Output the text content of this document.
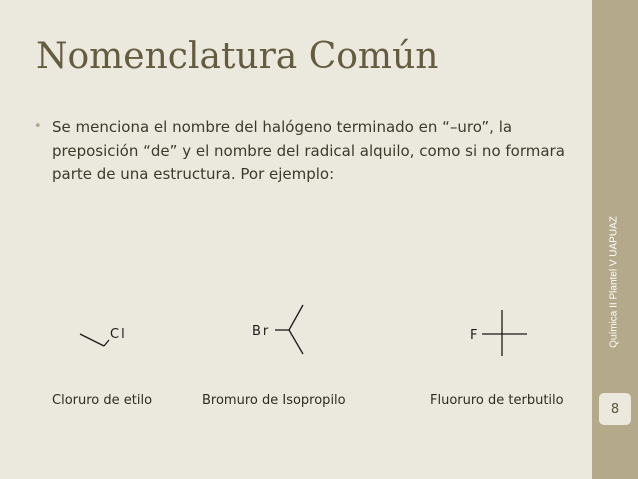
Química II Plantel V UAPUAZ
8
Nomenclatura Común
• Se menciona el nombre del halógeno terminado en “–uro”, la preposición “de” y el nombre del radical alquilo, como si no formara parte de una estructura. Por ejemplo:
Cl	Br	F
Cloruro de etilo	Bromuro de Isopropilo	Fluoruro de terbutilo
